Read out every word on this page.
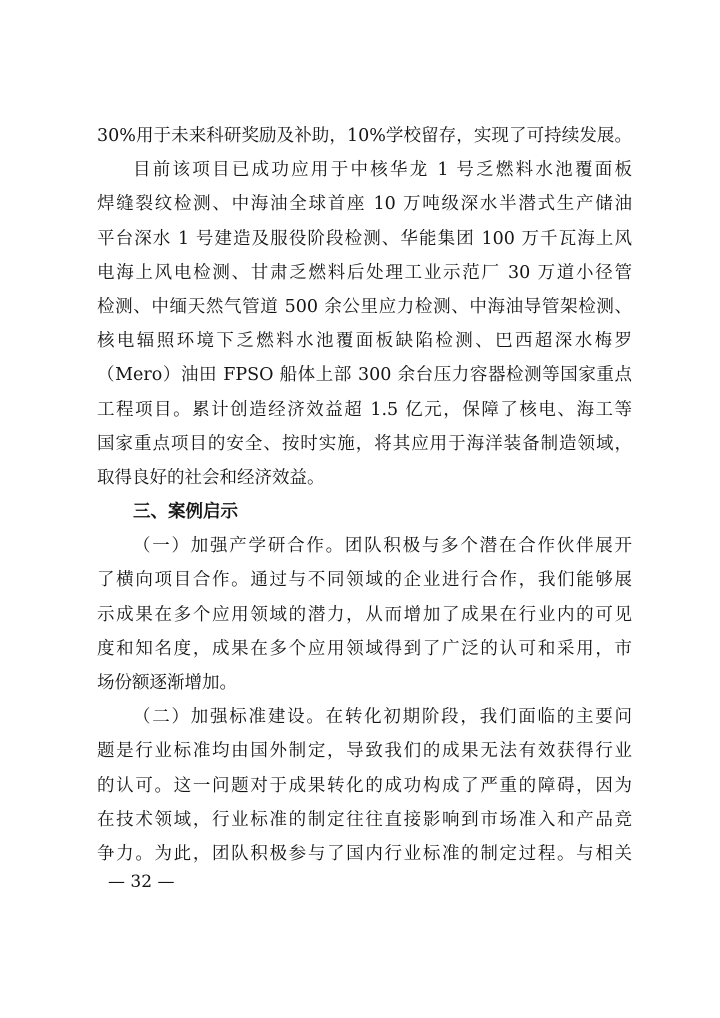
30%用于未来科研奖励及补助，10%学校留存，实现了可持续发展。
目前该项目已成功应用于中核华龙 1 号乏燃料水池覆面板
焊缝裂纹检测、中海油全球首座 10 万吨级深水半潜式生产储油
平台深水 1 号建造及服役阶段检测、华能集团 100 万千瓦海上风
电海上风电检测、甘肃乏燃料后处理工业示范厂 30 万道小径管
检测、中缅天然气管道 500 余公里应力检测、中海油导管架检测、
核电辐照环境下乏燃料水池覆面板缺陷检测、巴西超深水梅罗
（Mero）油田 FPSO 船体上部 300 余台压力容器检测等国家重点
工程项目。累计创造经济效益超 1.5 亿元，保障了核电、海工等
国家重点项目的安全、按时实施，将其应用于海洋装备制造领域，
取得良好的社会和经济效益。
三、案例启示
（一）加强产学研合作。团队积极与多个潜在合作伙伴展开
了横向项目合作。通过与不同领域的企业进行合作，我们能够展
示成果在多个应用领域的潜力，从而增加了成果在行业内的可见
度和知名度，成果在多个应用领域得到了广泛的认可和采用，市
场份额逐渐增加。
（二）加强标准建设。在转化初期阶段，我们面临的主要问
题是行业标准均由国外制定，导致我们的成果无法有效获得行业
的认可。这一问题对于成果转化的成功构成了严重的障碍，因为
在技术领域，行业标准的制定往往直接影响到市场准入和产品竞
争力。为此，团队积极参与了国内行业标准的制定过程。与相关
— 32 —
